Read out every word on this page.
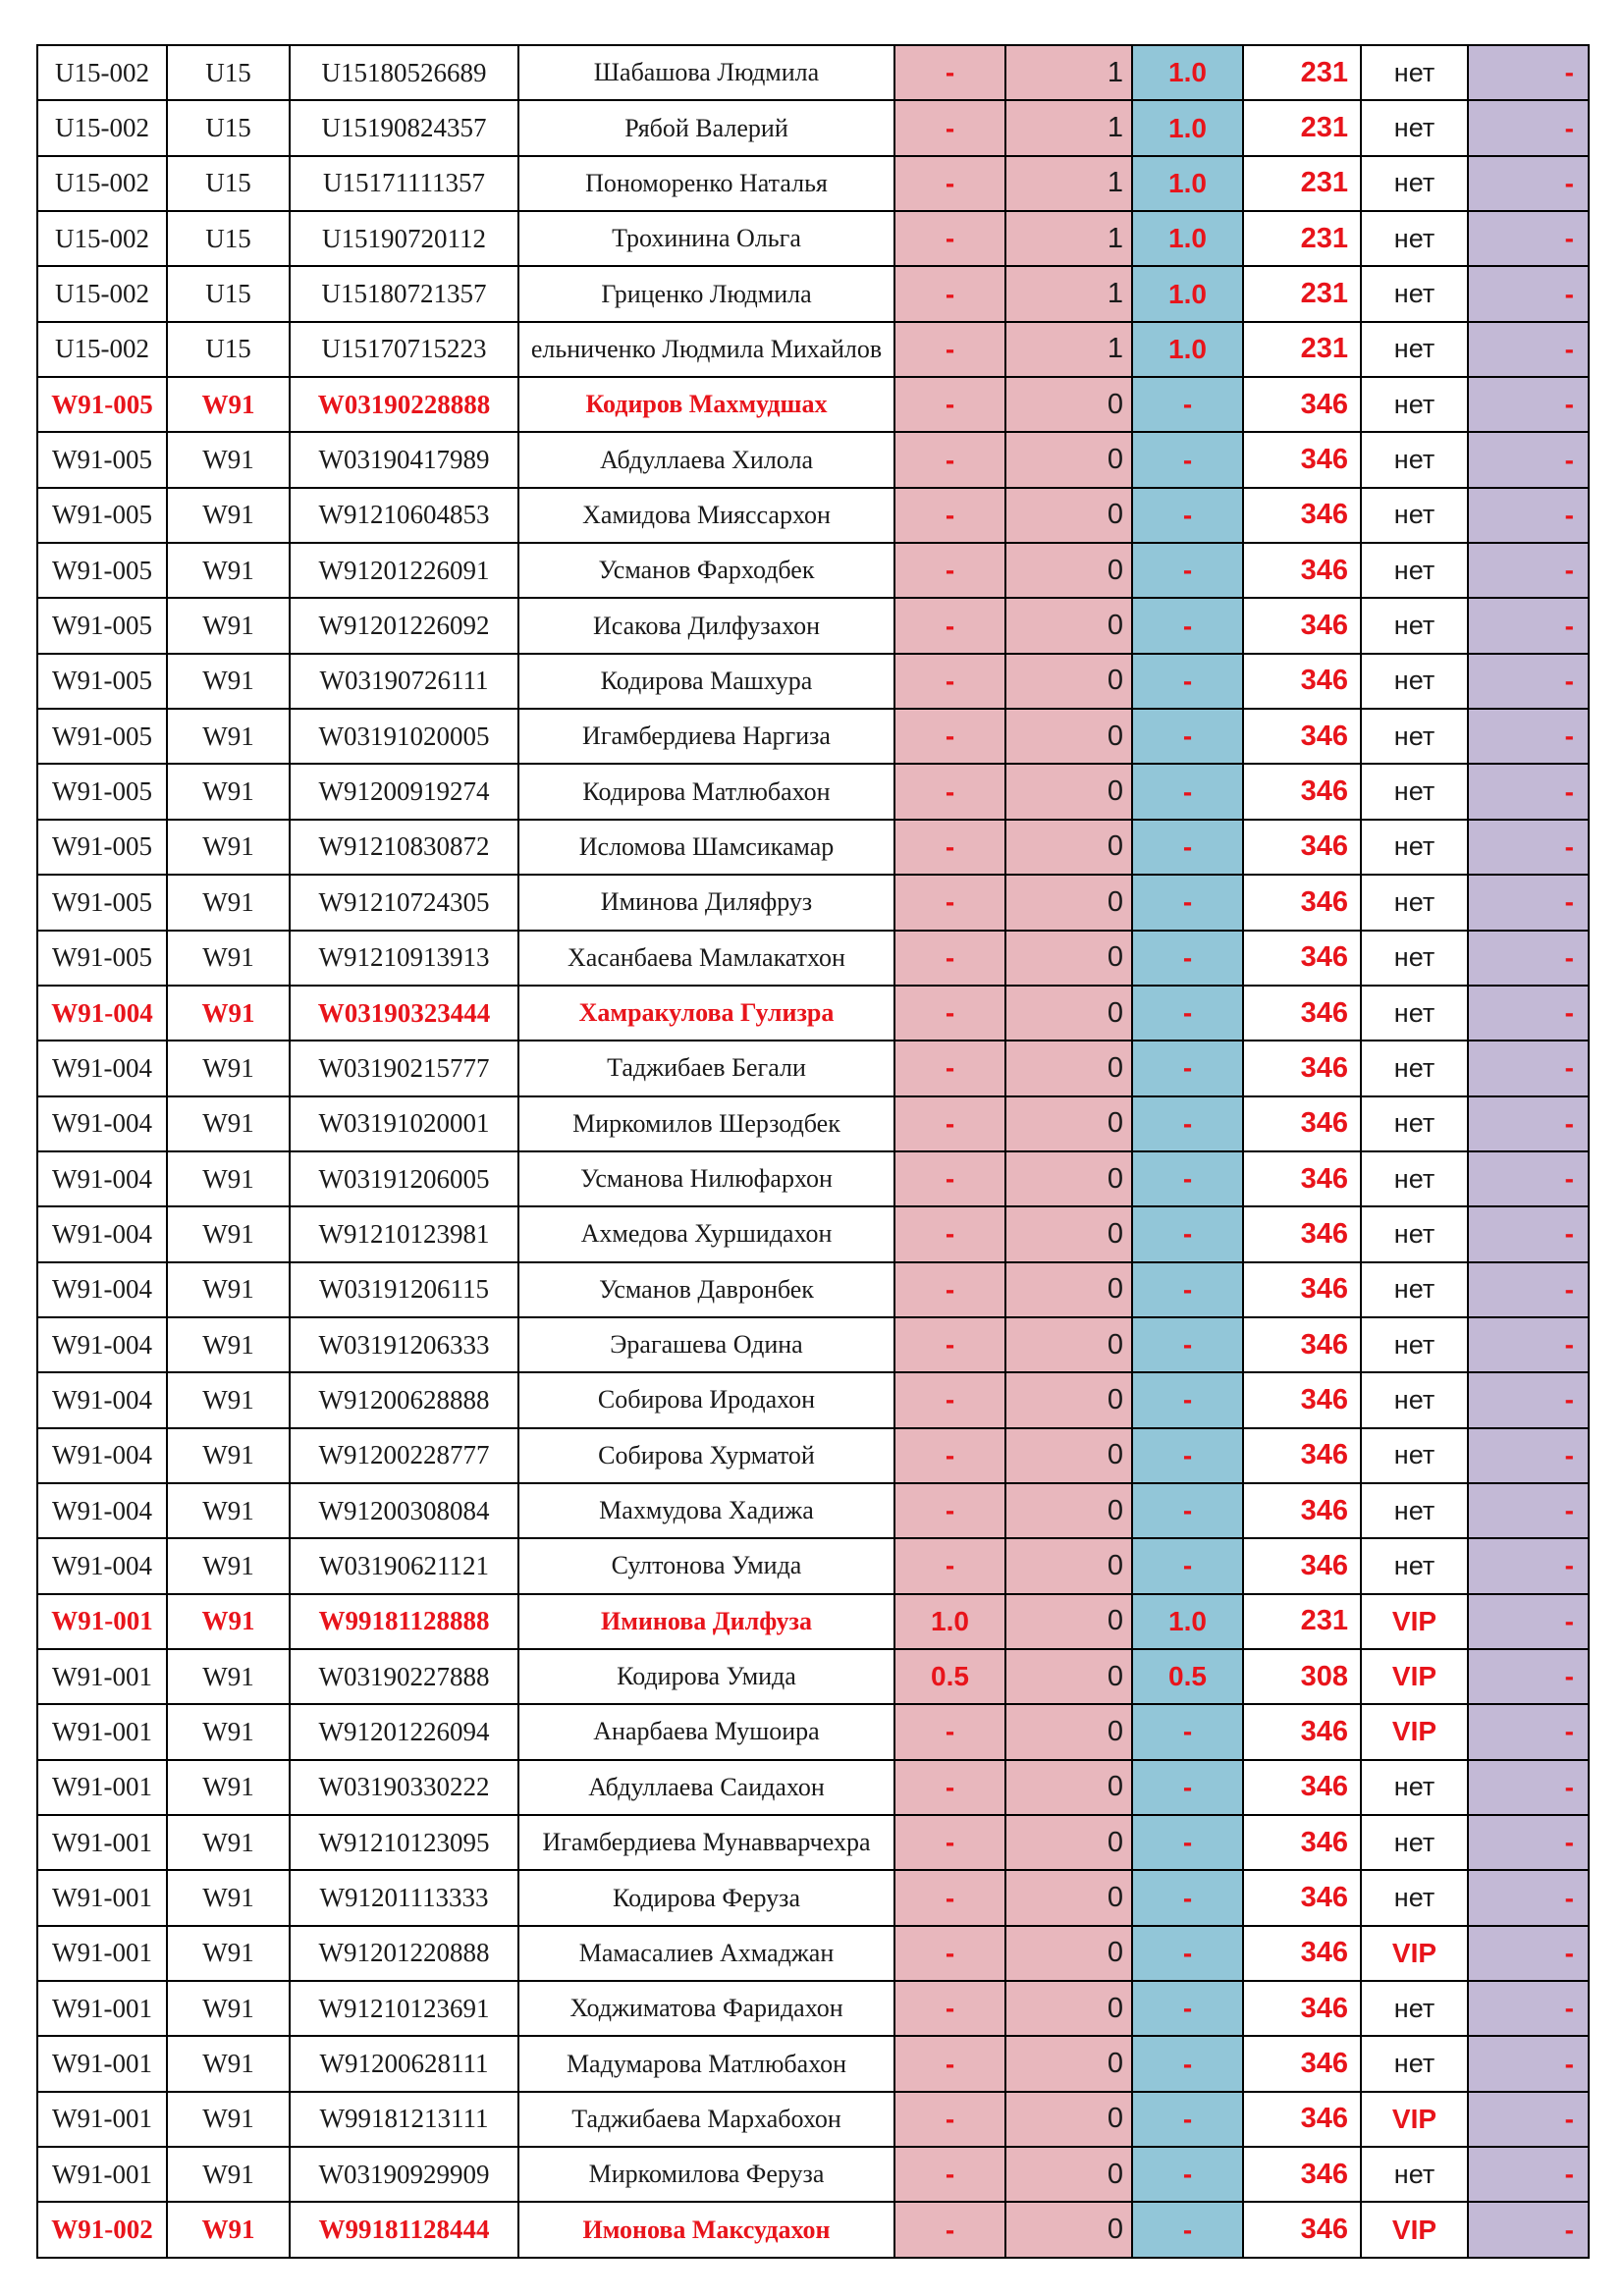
U15-002	U15	U15180526689	Шабашова Людмила	-	1	1.0	231	нет	-
U15-002	U15	U15190824357	Рябой Валерий	-	1	1.0	231	нет	-
U15-002	U15	U15171111357	Пономоренко Наталья	-	1	1.0	231	нет	-
U15-002	U15	U15190720112	Трохинина Ольга	-	1	1.0	231	нет	-
U15-002	U15	U15180721357	Гриценко Людмила	-	1	1.0	231	нет	-
U15-002	U15	U15170715223	ельниченко Людмила Михайлов	-	1	1.0	231	нет	-
W91-005	W91	W03190228888	Кодиров Махмудшах	-	0	-	346	нет	-
W91-005	W91	W03190417989	Абдуллаева Хилола	-	0	-	346	нет	-
W91-005	W91	W91210604853	Хамидова Мияссархон	-	0	-	346	нет	-
W91-005	W91	W91201226091	Усманов Фарходбек	-	0	-	346	нет	-
W91-005	W91	W91201226092	Исакова Дилфузахон	-	0	-	346	нет	-
W91-005	W91	W03190726111	Кодирова Машхура	-	0	-	346	нет	-
W91-005	W91	W03191020005	Игамбердиева Наргиза	-	0	-	346	нет	-
W91-005	W91	W91200919274	Кодирова Матлюбахон	-	0	-	346	нет	-
W91-005	W91	W91210830872	Исломова Шамсикамар	-	0	-	346	нет	-
W91-005	W91	W91210724305	Иминова Диляфруз	-	0	-	346	нет	-
W91-005	W91	W91210913913	Хасанбаева Мамлакатхон	-	0	-	346	нет	-
W91-004	W91	W03190323444	Хамракулова Гулизра	-	0	-	346	нет	-
W91-004	W91	W03190215777	Таджибаев Бегали	-	0	-	346	нет	-
W91-004	W91	W03191020001	Миркомилов Шерзодбек	-	0	-	346	нет	-
W91-004	W91	W03191206005	Усманова Нилюфархон	-	0	-	346	нет	-
W91-004	W91	W91210123981	Ахмедова Хуршидахон	-	0	-	346	нет	-
W91-004	W91	W03191206115	Усманов Давронбек	-	0	-	346	нет	-
W91-004	W91	W03191206333	Эрагашева Одина	-	0	-	346	нет	-
W91-004	W91	W91200628888	Собирова Иродахон	-	0	-	346	нет	-
W91-004	W91	W91200228777	Собирова Хурматой	-	0	-	346	нет	-
W91-004	W91	W91200308084	Махмудова Хадижа	-	0	-	346	нет	-
W91-004	W91	W03190621121	Султонова Умида	-	0	-	346	нет	-
W91-001	W91	W99181128888	Иминова Дилфуза	1.0	0	1.0	231	VIP	-
W91-001	W91	W03190227888	Кодирова Умида	0.5	0	0.5	308	VIP	-
W91-001	W91	W91201226094	Анарбаева Мушоира	-	0	-	346	VIP	-
W91-001	W91	W03190330222	Абдуллаева Саидахон	-	0	-	346	нет	-
W91-001	W91	W91210123095	Игамбердиева Мунавварчехра	-	0	-	346	нет	-
W91-001	W91	W91201113333	Кодирова Феруза	-	0	-	346	нет	-
W91-001	W91	W91201220888	Мамасалиев Ахмаджан	-	0	-	346	VIP	-
W91-001	W91	W91210123691	Ходжиматова Фаридахон	-	0	-	346	нет	-
W91-001	W91	W91200628111	Мадумарова Матлюбахон	-	0	-	346	нет	-
W91-001	W91	W99181213111	Таджибаева Мархабохон	-	0	-	346	VIP	-
W91-001	W91	W03190929909	Миркомилова Феруза	-	0	-	346	нет	-
W91-002	W91	W99181128444	Имонова Максудахон	-	0	-	346	VIP	-
